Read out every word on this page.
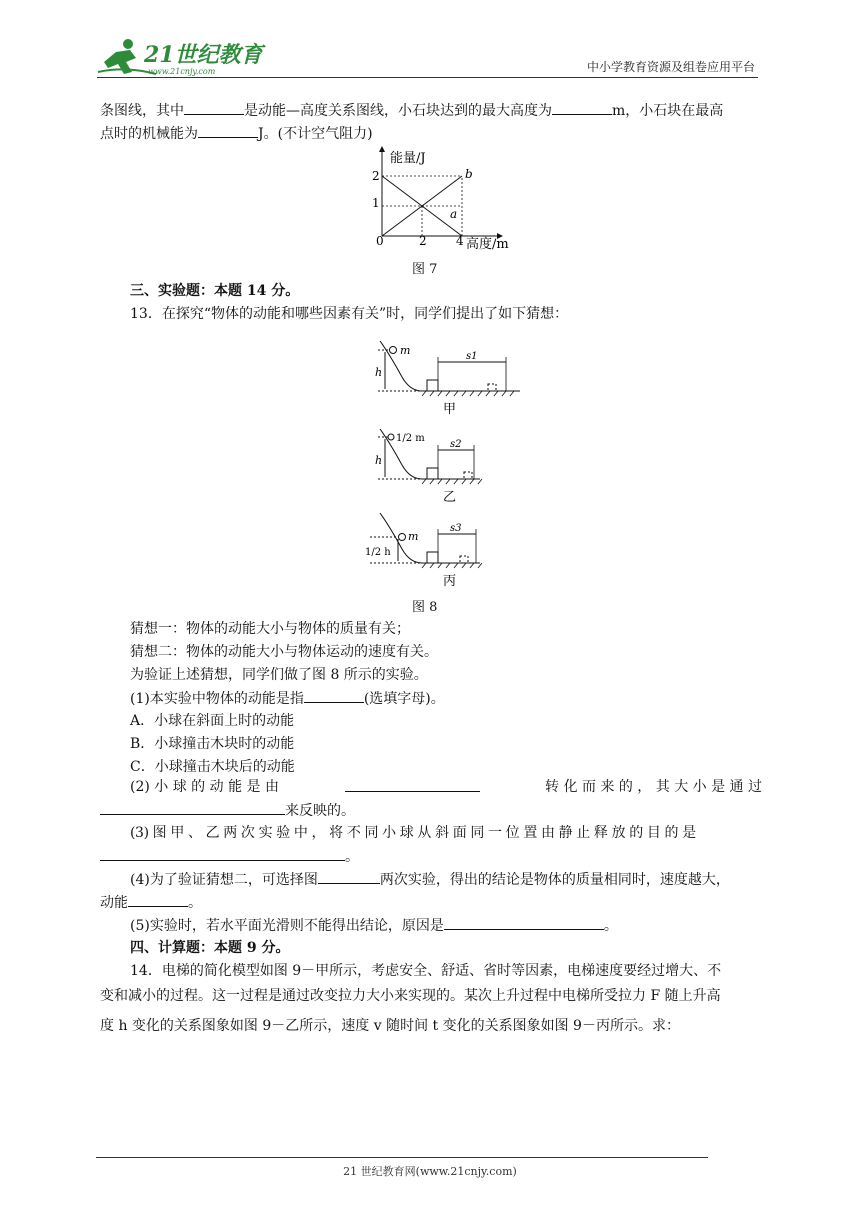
21世纪教育
www.21cnjy.com	中小学教育资源及组卷应用平台
条图线，其中	是动能—高度关系图线，小石块达到的最大高度为	m，小石块在最高
点时的机械能为	J。(不计空气阻力)
能量/J
高度/m
2
1
0	2 4
b
a
图 7
三、实验题：本题 14 分。
13．在探究“物体的动能和哪些因素有关”时，同学们提出了如下猜想：
m
h
s1
甲
1/2 m
h
s2
乙
m
1/2 h
s3
丙
图 8
猜想一：物体的动能大小与物体的质量有关；
猜想二：物体的动能大小与物体运动的速度有关。
为验证上述猜想，同学们做了图 8 所示的实验。
(1)本实验中物体的动能是指	(选填字母)。
A．小球在斜面上时的动能
B．小球撞击木块时的动能
C．小球撞击木块后的动能
(2) 小 球 的 动 能 是 由	转 化 而 来 的 ， 其 大 小 是 通 过
来反映的。
(3) 图 甲 、 乙 两 次 实 验 中 ， 将 不 同 小 球 从 斜 面 同 一 位 置 由 静 止 释 放 的 目 的 是
。
(4)为了验证猜想二，可选择图	两次实验，得出的结论是物体的质量相同时，速度越大，
动能	。
(5)实验时，若水平面光滑则不能得出结论，原因是	。
四、计算题：本题 9 分。
14．电梯的简化模型如图 9－甲所示，考虑安全、舒适、省时等因素，电梯速度要经过增大、不
变和减小的过程。这一过程是通过改变拉力大小来实现的。某次上升过程中电梯所受拉力 F 随上升高
度 h 变化的关系图象如图 9－乙所示，速度 v 随时间 t 变化的关系图象如图 9－丙所示。求：
21 世纪教育网(www.21cnjy.com)
